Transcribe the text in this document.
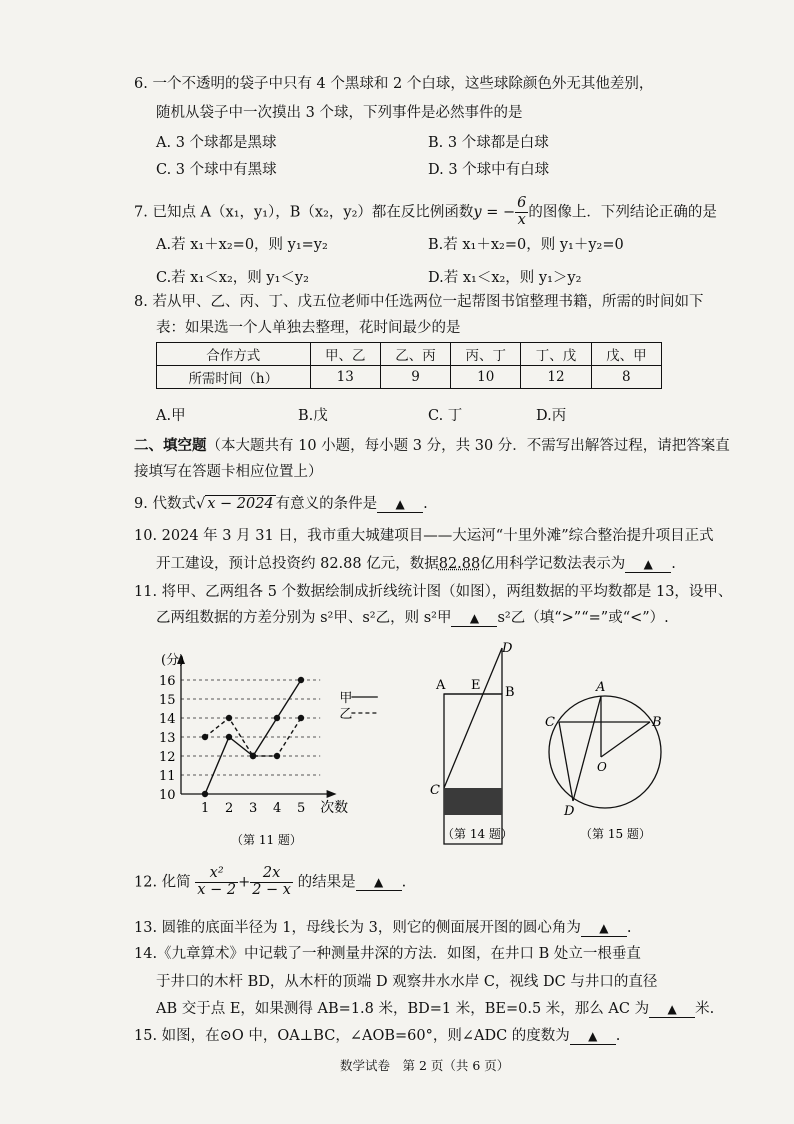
6. 一个不透明的袋子中只有 4 个黑球和 2 个白球，这些球除颜色外无其他差别，
随机从袋子中一次摸出 3 个球，下列事件是必然事件的是
A. 3 个球都是黑球	B. 3 个球都是白球
C. 3 个球中有黑球	D. 3 个球中有白球
7. 已知点 A（x₁，y₁），B（x₂，y₂）都在反比例函数y = − $\frac{6}{x}$ 的图像上．下列结论正确的是
A.若 x₁＋x₂=0，则 y₁=y₂	B.若 x₁＋x₂=0，则 y₁＋y₂=0
C.若 x₁＜x₂，则 y₁＜y₂	D.若 x₁＜x₂，则 y₁＞y₂
8. 若从甲、乙、丙、丁、戊五位老师中任选两位一起帮图书馆整理书籍，所需的时间如下
表：如果选一个人单独去整理，花时间最少的是
合作方式	甲、乙	乙、丙	丙、丁	丁、戊	戊、甲
所需时间（h）	13	9	10	12	8
A.甲	B.戊	C. 丁	D.丙
二、填空题（本大题共有 10 小题，每小题 3 分，共 30 分．不需写出解答过程，请把答案直
接填写在答题卡相应位置上）
9. 代数式√ x − 2024 有意义的条件是 ▲ .
10. 2024 年 3 月 31 日，我市重大城建项目——大运河“十里外滩”综合整治提升项目正式
开工建设，预计总投资约 82.88 亿元，数据82.88亿用科学记数法表示为 ▲ .
11. 将甲、乙两组各 5 个数据绘制成折线统计图（如图），两组数据的平均数都是 13，设甲、
乙两组数据的方差分别为 s²甲、s²乙，则 s²甲 ▲ s²乙（填“>”“=”或“<”）.
10
11
12
13
14
15
16
1 2 3 4 5
(分)
次数
甲
乙
（第 11 题）
A E B
D
C
（第 14 题）
A
B
C
D
O
（第 15 题）
12. 化简 $\frac{\text{x²}}{x - 2} + \frac{2x}{2 - x}$ 的结果是 ▲ .
13. 圆锥的底面半径为 1，母线长为 3，则它的侧面展开图的圆心角为 ▲ .
14.《九章算术》中记载了一种测量井深的方法．如图，在井口 B 处立一根垂直
于井口的木杆 BD，从木杆的顶端 D 观察井水水岸 C，视线 DC 与井口的直径
AB 交于点 E，如果测得 AB=1.8 米，BD=1 米，BE=0.5 米，那么 AC 为 ▲ 米.
15. 如图，在⊙O 中，OA⊥BC，∠AOB=60°，则∠ADC 的度数为 ▲ .
数学试卷　第 2 页（共 6 页）
